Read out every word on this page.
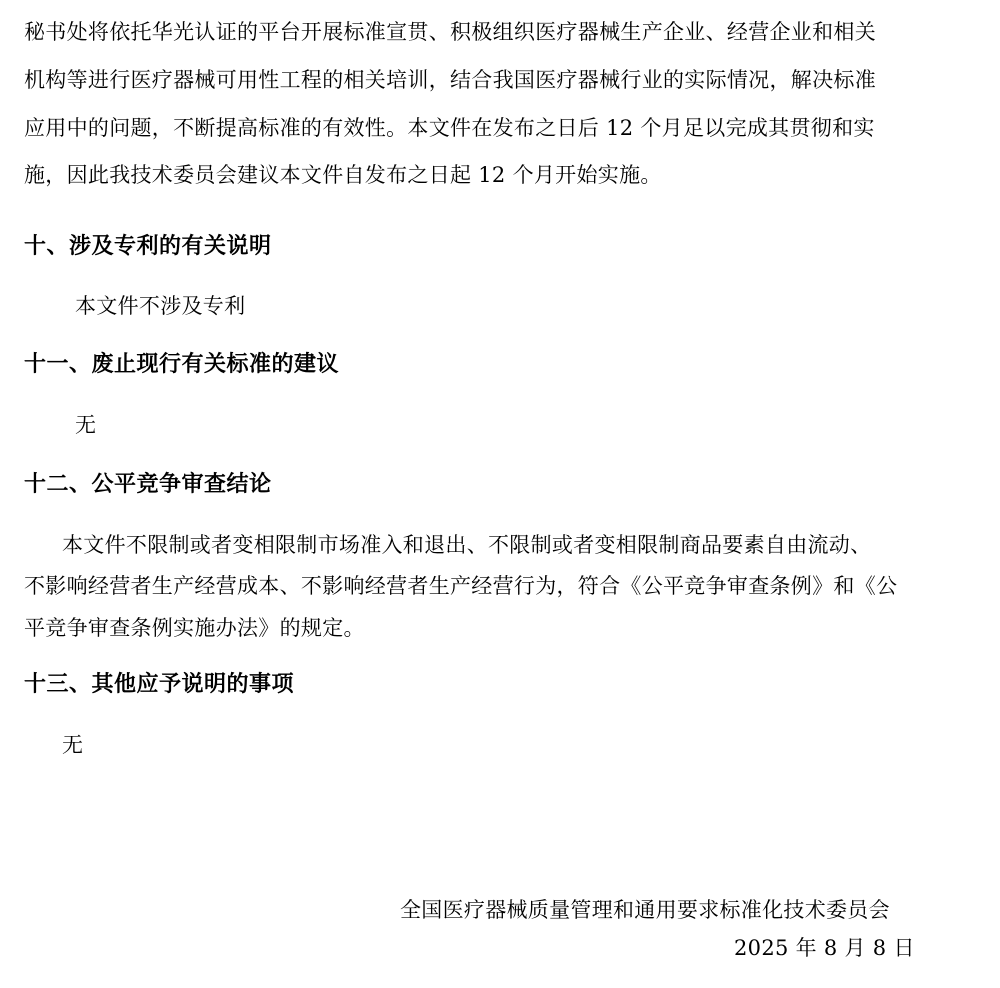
秘书处将依托华光认证的平台开展标准宣贯、积极组织医疗器械生产企业、经营企业和相关
机构等进行医疗器械可用性工程的相关培训，结合我国医疗器械行业的实际情况，解决标准
应用中的问题，不断提高标准的有效性。本文件在发布之日后 12 个月足以完成其贯彻和实
施，因此我技术委员会建议本文件自发布之日起 12 个月开始实施。
十、涉及专利的有关说明
本文件不涉及专利
十一、废止现行有关标准的建议
无
十二、公平竞争审查结论
本文件不限制或者变相限制市场准入和退出、不限制或者变相限制商品要素自由流动、
不影响经营者生产经营成本、不影响经营者生产经营行为，符合《公平竞争审查条例》和《公
平竞争审查条例实施办法》的规定。
十三、其他应予说明的事项
无
全国医疗器械质量管理和通用要求标准化技术委员会
2025 年 8 月 8 日
